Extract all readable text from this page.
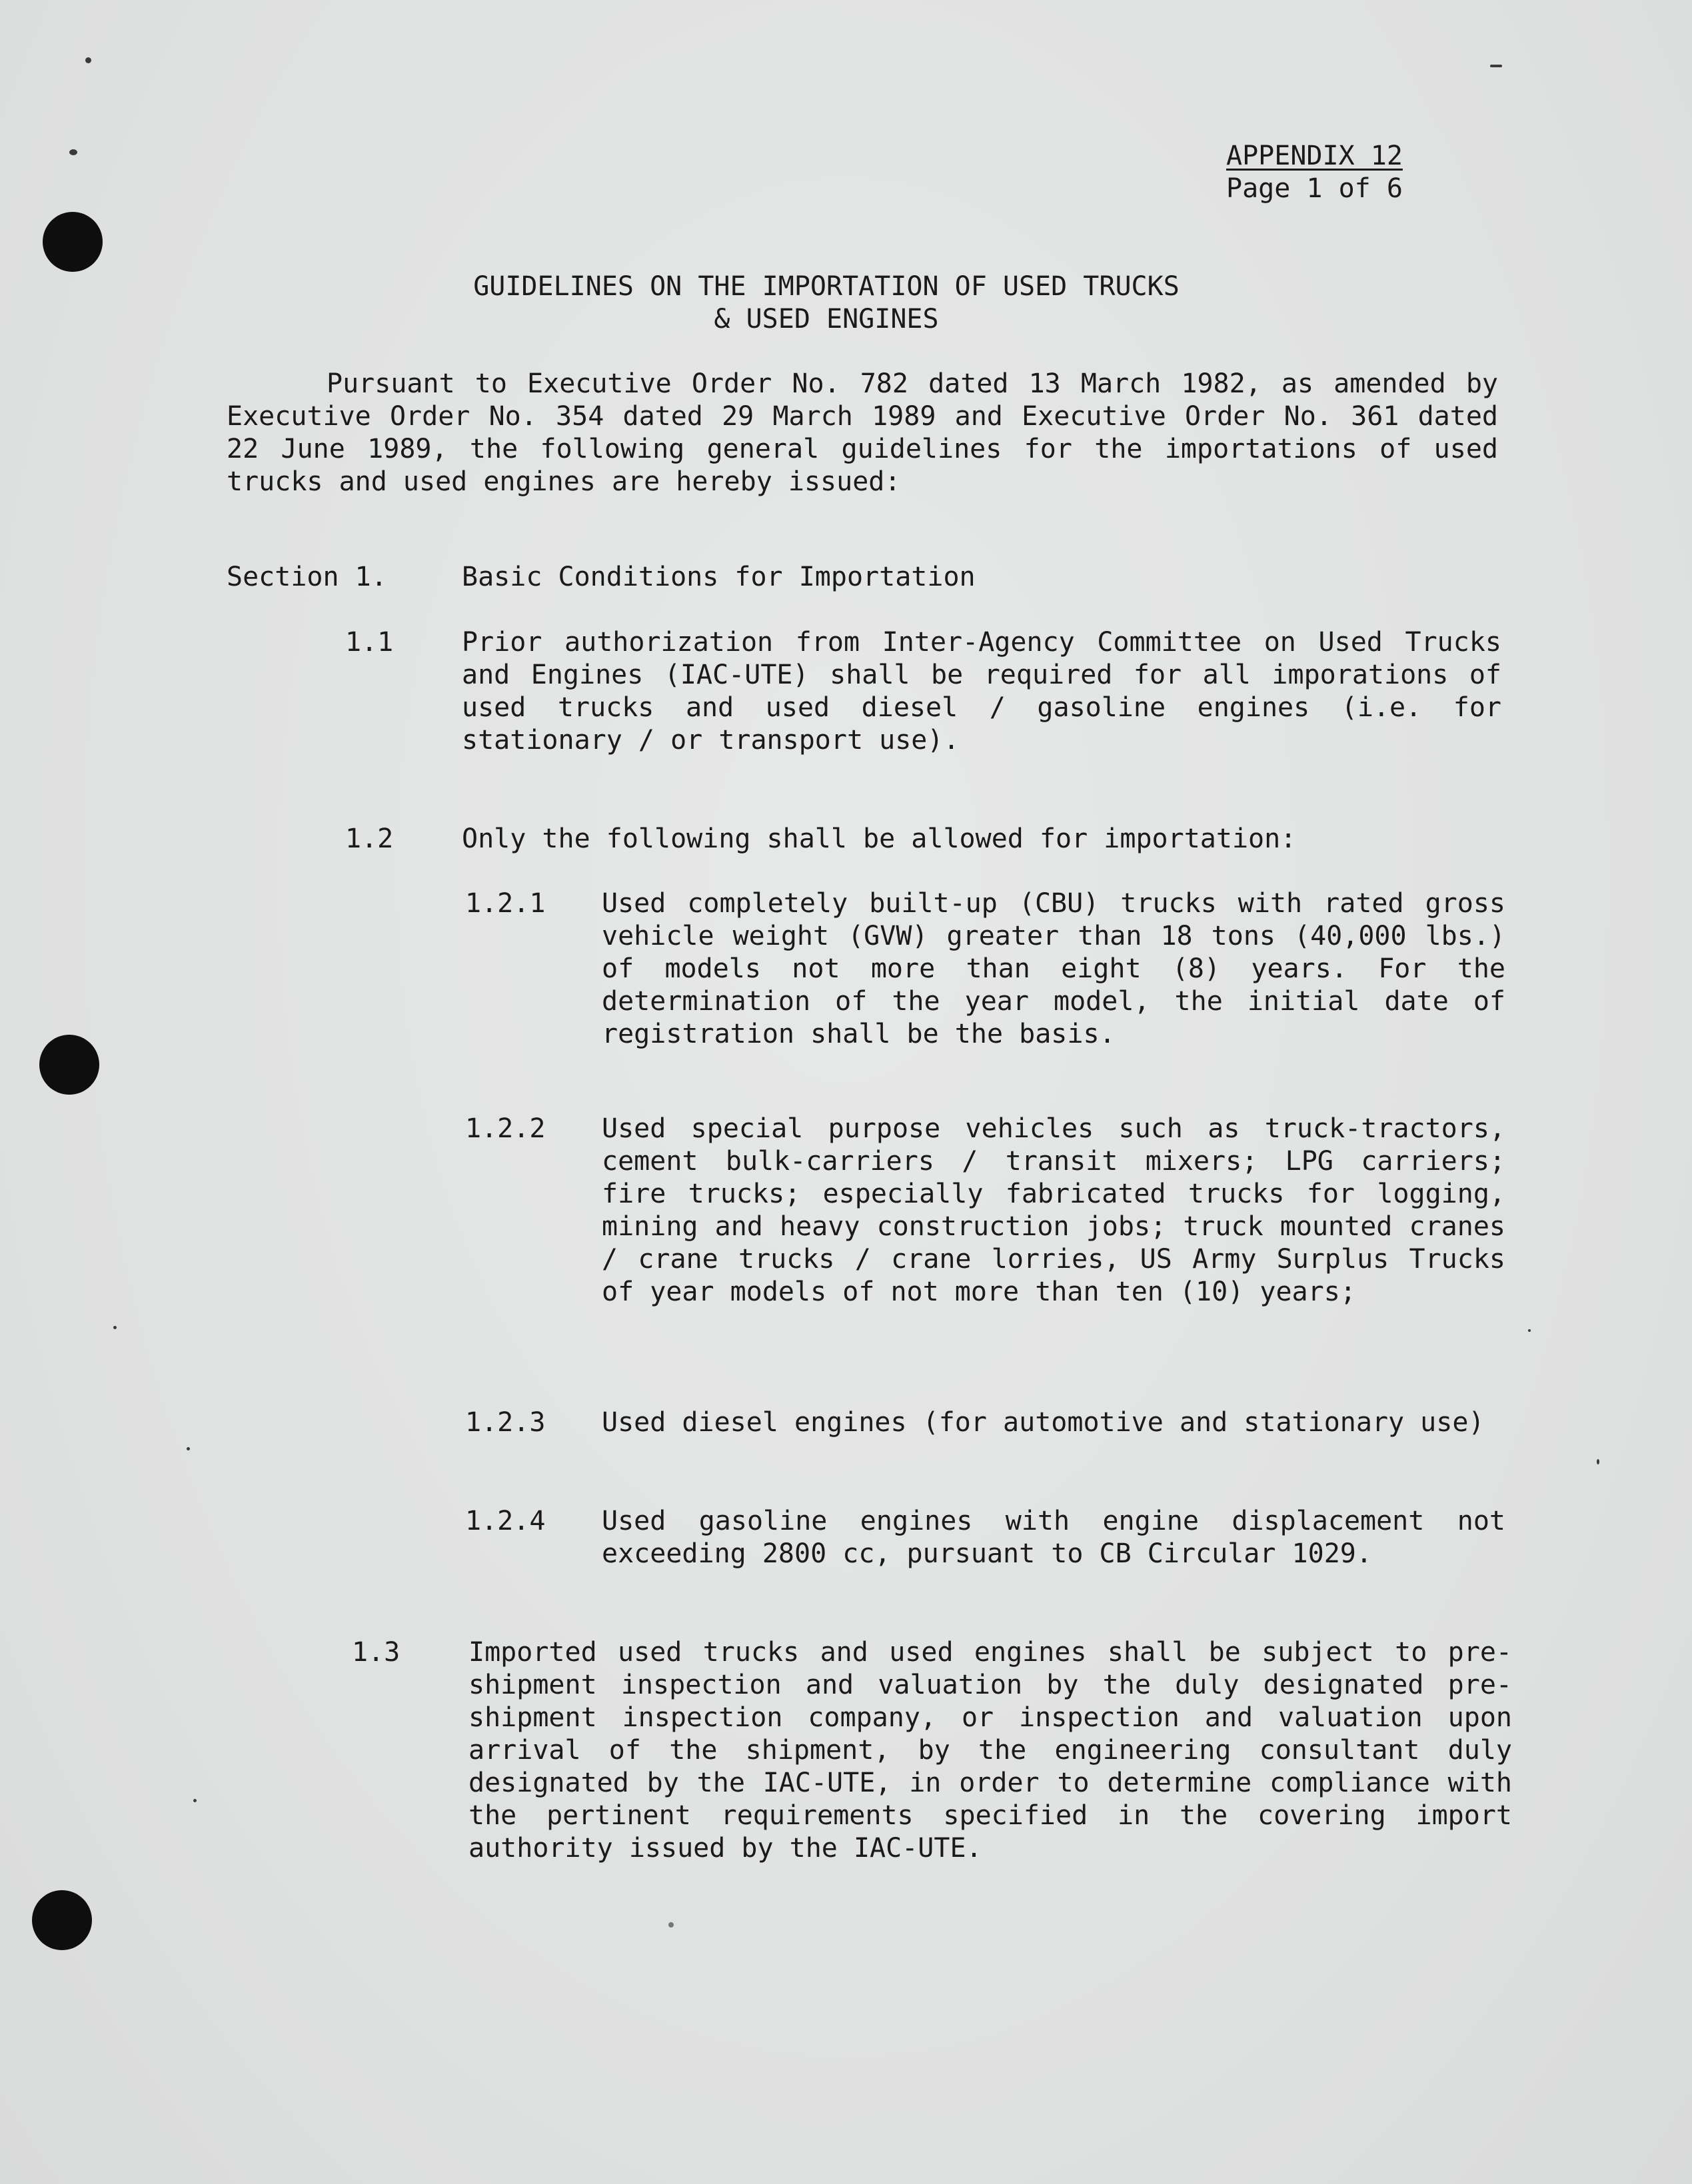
APPENDIX 12
Page 1 of 6
GUIDELINES ON THE IMPORTATION OF USED TRUCKS
& USED ENGINES
Pursuant to Executive Order No. 782 dated 13 March 1982, as amended by Executive Order No. 354 dated 29 March 1989 and Executive Order No. 361 dated 22 June 1989, the following general guidelines for the importations of used trucks and used engines are hereby issued:
Section 1.	Basic Conditions for Importation
1.1	Prior authorization from Inter-Agency Committee on Used Trucks and Engines (IAC-UTE) shall be required for all imporations of used trucks and used diesel / gasoline engines (i.e. for stationary / or transport use).
1.2	Only the following shall be allowed for importation:
1.2.1 Used completely built-up (CBU) trucks with rated gross vehicle weight (GVW) greater than 18 tons (40,000 lbs.) of models not more than eight (8) years. For the determination of the year model, the initial date of registration shall be the basis.
1.2.2 Used special purpose vehicles such as truck-tractors, cement bulk-carriers / transit mixers; LPG carriers; fire trucks; especially fabricated trucks for logging, mining and heavy construction jobs; truck mounted cranes / crane trucks / crane lorries, US Army Surplus Trucks of year models of not more than ten (10) years;
1.2.3 Used diesel engines (for automotive and stationary use)
1.2.4 Used gasoline engines with engine displacement not exceeding 2800 cc, pursuant to CB Circular 1029.
1.3	Imported used trucks and used engines shall be subject to pre-shipment inspection and valuation by the duly designated pre-shipment inspection company, or inspection and valuation upon arrival of the shipment, by the engineering consultant duly designated by the IAC-UTE, in order to determine compliance with the pertinent requirements specified in the covering import authority issued by the IAC-UTE.
